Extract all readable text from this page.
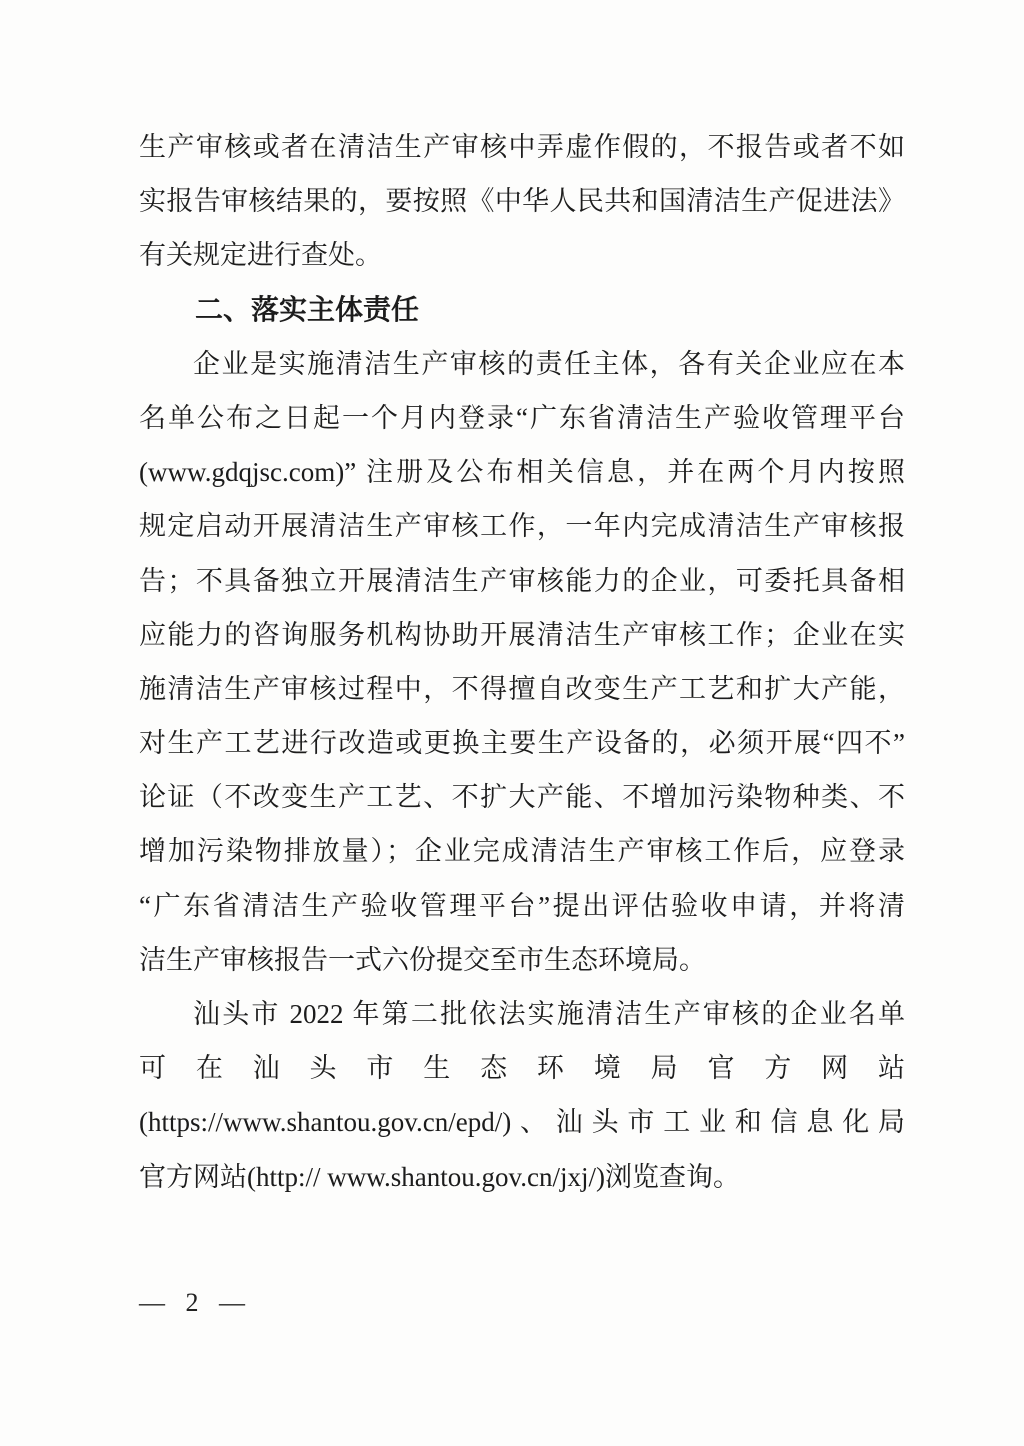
生产审核或者在清洁生产审核中弄虚作假的，不报告或者不如
实报告审核结果的，要按照《中华人民共和国清洁生产促进法》
有关规定进行查处。
二、落实主体责任
企业是实施清洁生产审核的责任主体，各有关企业应在本
名单公布之日起一个月内登录“广东省清洁生产验收管理平台
(www.gdqjsc.com)” 注册及公布相关信息，并在两个月内按照
规定启动开展清洁生产审核工作，一年内完成清洁生产审核报
告；不具备独立开展清洁生产审核能力的企业，可委托具备相
应能力的咨询服务机构协助开展清洁生产审核工作；企业在实
施清洁生产审核过程中，不得擅自改变生产工艺和扩大产能，
对生产工艺进行改造或更换主要生产设备的，必须开展“四不”
论证（不改变生产工艺、不扩大产能、不增加污染物种类、不
增加污染物排放量）；企业完成清洁生产审核工作后，应登录
“广东省清洁生产验收管理平台”提出评估验收申请，并将清
洁生产审核报告一式六份提交至市生态环境局。
汕头市 2022 年第二批依法实施清洁生产审核的企业名单
可 在 汕 头 市 生 态 环 境 局 官 方 网 站
(https://www.shantou.gov.cn/epd/)、汕头市工业和信息化局
官方网站(http:// www.shantou.gov.cn/jxj/)浏览查询。
— 2 —
